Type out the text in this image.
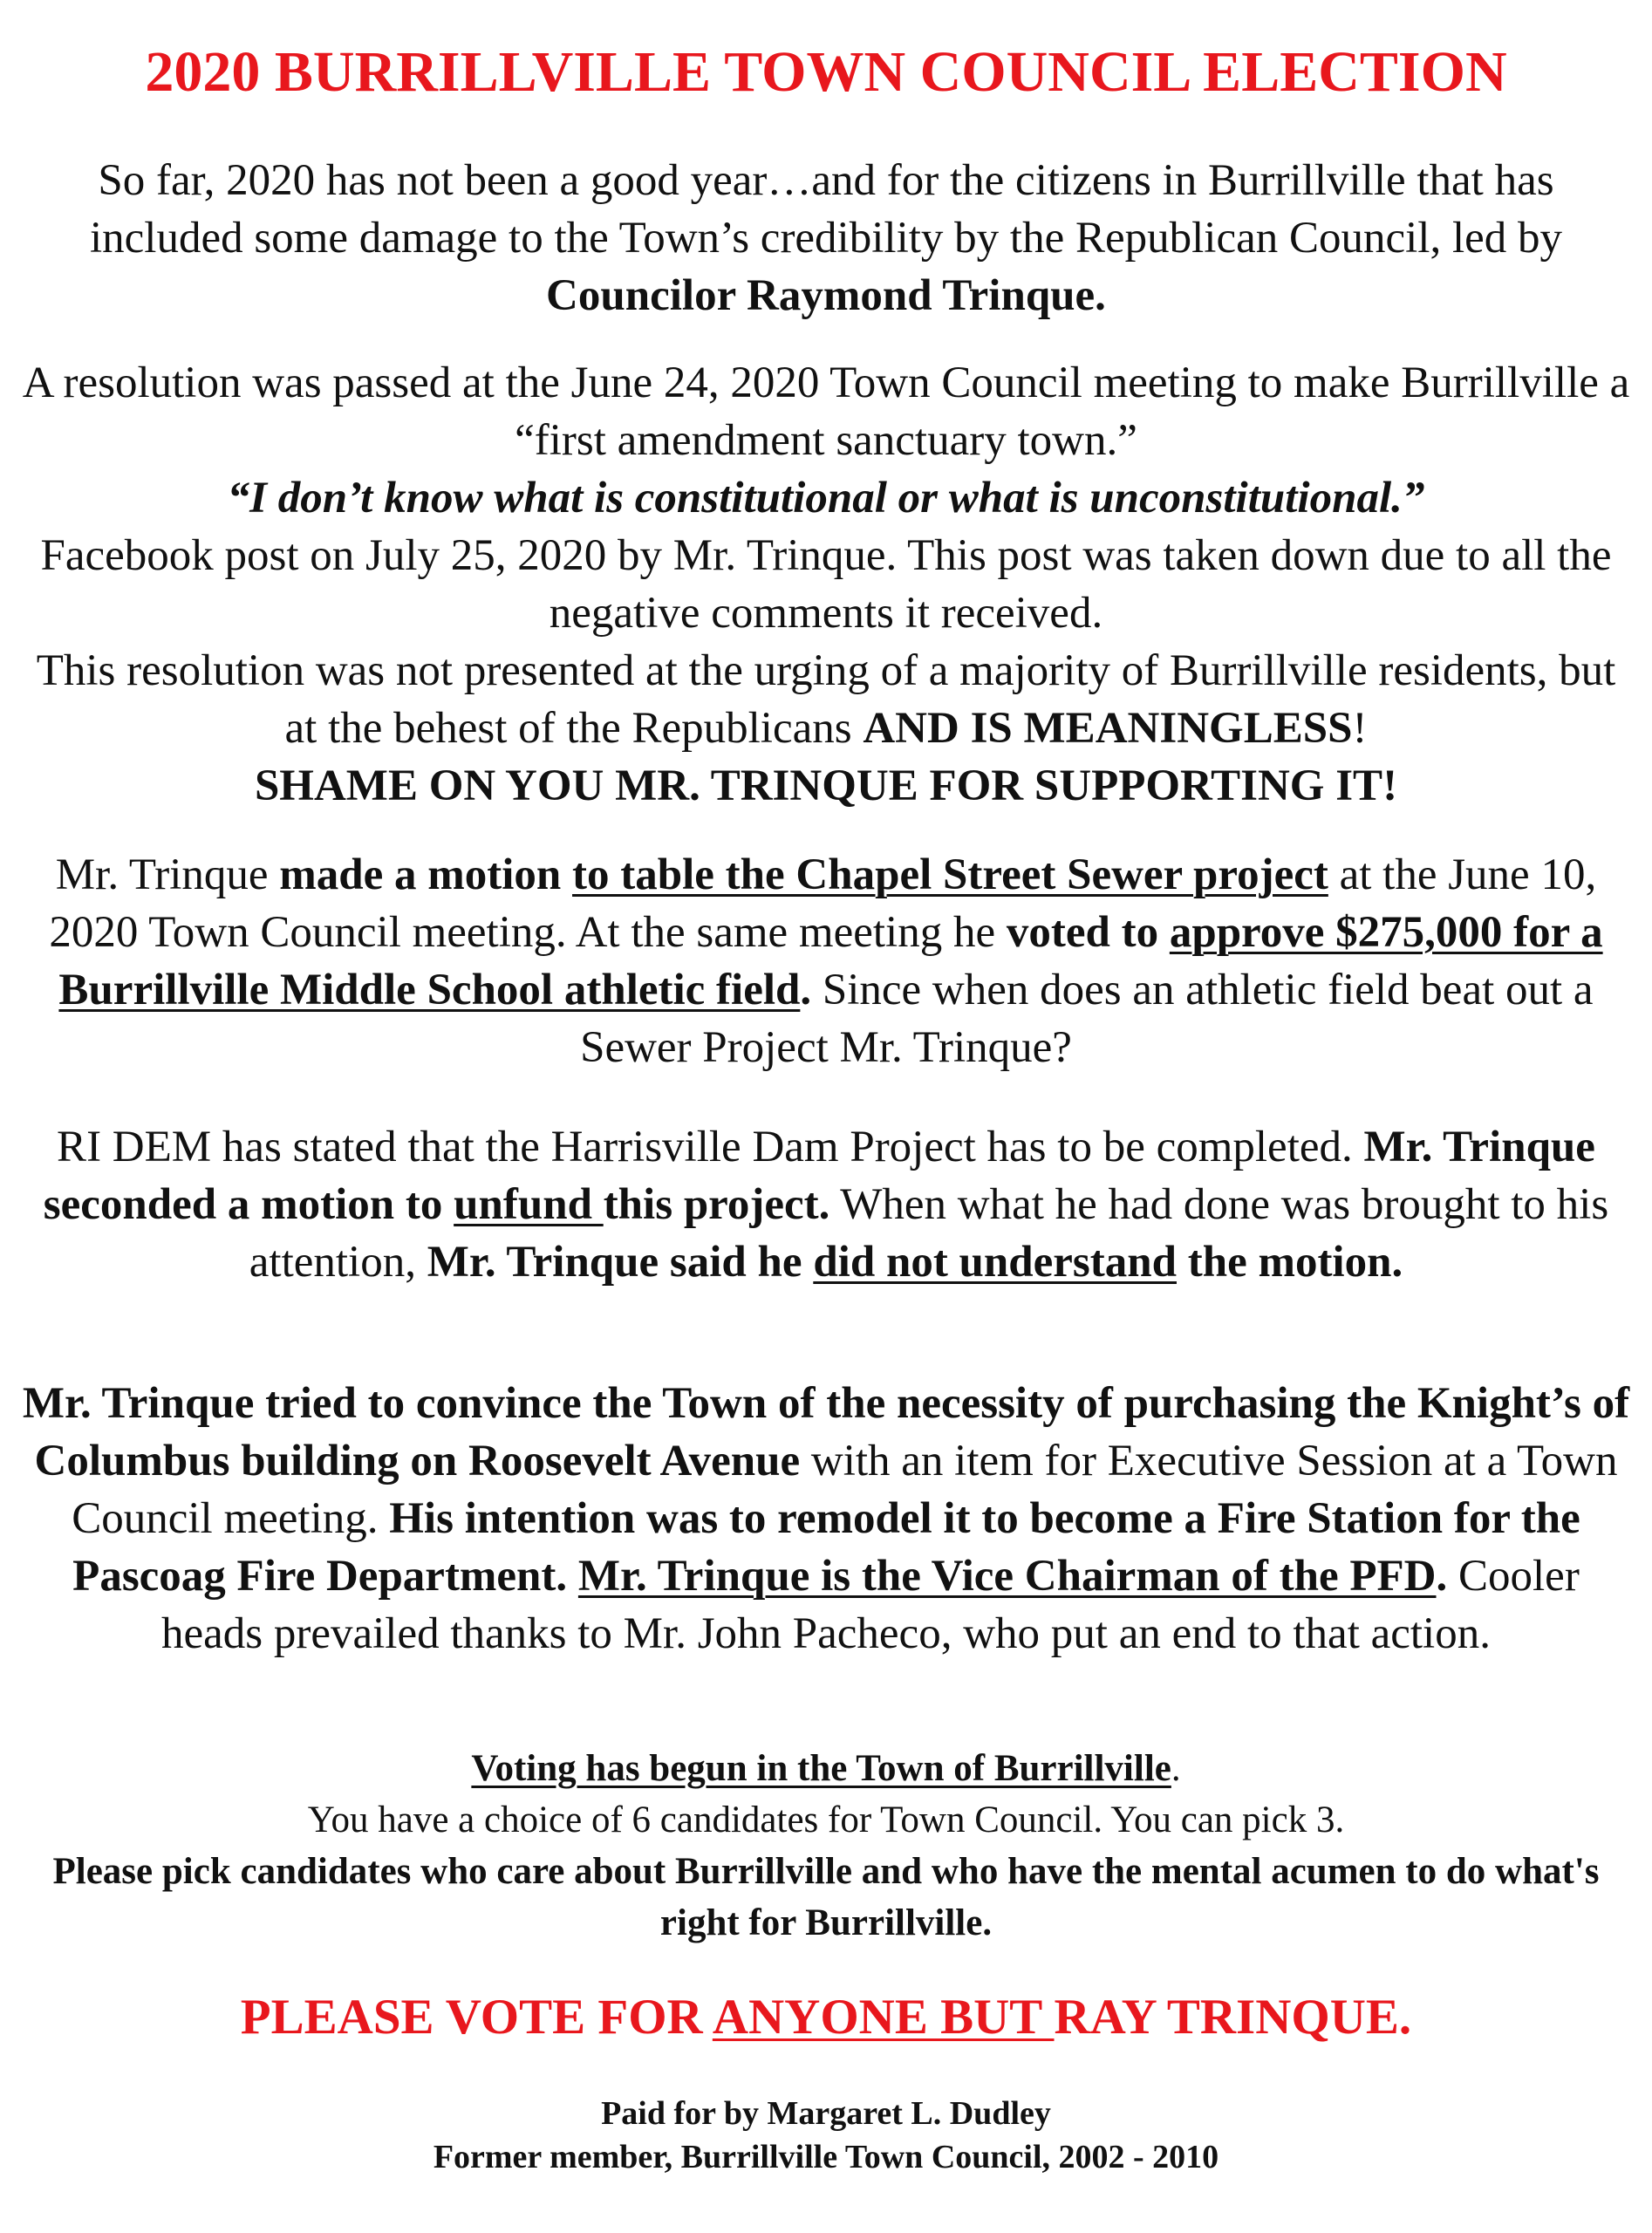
2020 BURRILLVILLE TOWN COUNCIL ELECTION

So far, 2020 has not been a good year…and for the citizens in Burrillville that has included some damage to the Town’s credibility by the Republican Council, led by Councilor Raymond Trinque.

A resolution was passed at the June 24, 2020 Town Council meeting to make Burrillville a “first amendment sanctuary town.”
“I don’t know what is constitutional or what is unconstitutional.”
Facebook post on July 25, 2020 by Mr. Trinque. This post was taken down due to all the negative comments it received.
This resolution was not presented at the urging of a majority of Burrillville residents, but at the behest of the Republicans AND IS MEANINGLESS!
SHAME ON YOU MR. TRINQUE FOR SUPPORTING IT!

Mr. Trinque made a motion to table the Chapel Street Sewer project at the June 10, 2020 Town Council meeting. At the same meeting he voted to approve $275,000 for a Burrillville Middle School athletic field. Since when does an athletic field beat out a Sewer Project Mr. Trinque?

RI DEM has stated that the Harrisville Dam Project has to be completed. Mr. Trinque seconded a motion to unfund this project. When what he had done was brought to his attention, Mr. Trinque said he did not understand the motion.

Mr. Trinque tried to convince the Town of the necessity of purchasing the Knight’s of Columbus building on Roosevelt Avenue with an item for Executive Session at a Town Council meeting. His intention was to remodel it to become a Fire Station for the Pascoag Fire Department. Mr. Trinque is the Vice Chairman of the PFD. Cooler heads prevailed thanks to Mr. John Pacheco, who put an end to that action.

Voting has begun in the Town of Burrillville.
You have a choice of 6 candidates for Town Council. You can pick 3.
Please pick candidates who care about Burrillville and who have the mental acumen to do what's right for Burrillville.

PLEASE VOTE FOR ANYONE BUT RAY TRINQUE.

Paid for by Margaret L. Dudley
Former member, Burrillville Town Council, 2002 - 2010
